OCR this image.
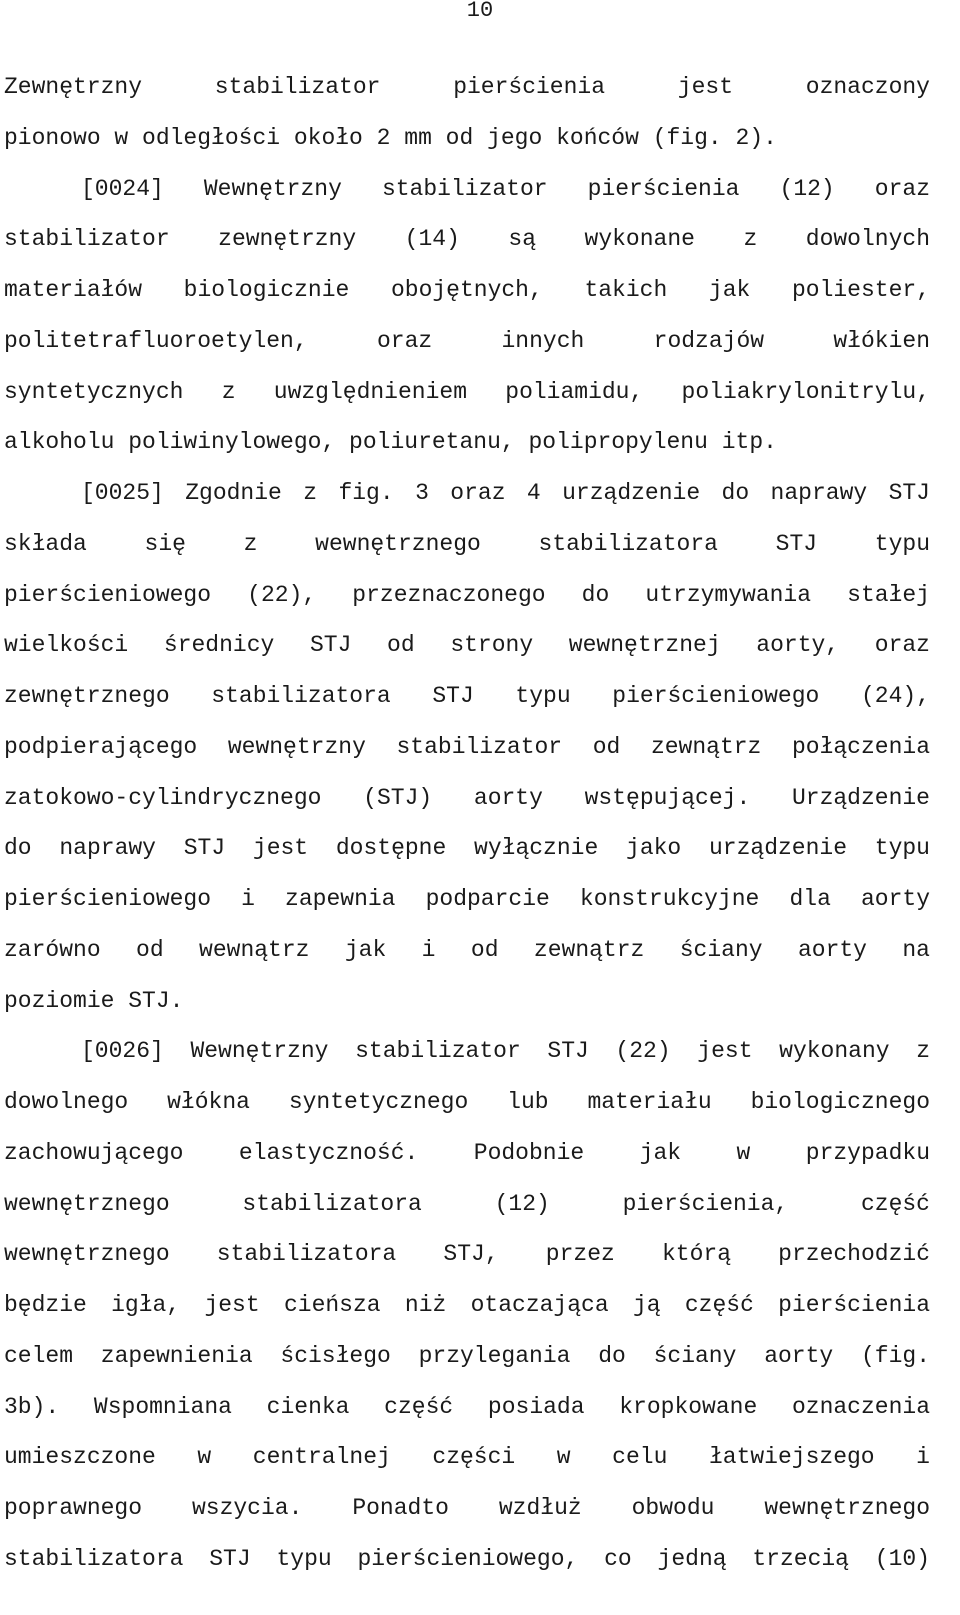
10
Zewnętrzny stabilizator pierścienia jest oznaczony
pionowo w odległości około 2 mm od jego końców (fig. 2).
[0024] Wewnętrzny stabilizator pierścienia (12) oraz
stabilizator zewnętrzny (14) są wykonane z dowolnych
materiałów biologicznie obojętnych, takich jak poliester,
politetrafluoroetylen, oraz innych rodzajów włókien
syntetycznych z uwzględnieniem poliamidu, poliakrylonitrylu,
alkoholu poliwinylowego, poliuretanu, polipropylenu itp.
[0025] Zgodnie z fig. 3 oraz 4 urządzenie do naprawy STJ
składa się z wewnętrznego stabilizatora STJ typu
pierścieniowego (22), przeznaczonego do utrzymywania stałej
wielkości średnicy STJ od strony wewnętrznej aorty, oraz
zewnętrznego stabilizatora STJ typu pierścieniowego (24),
podpierającego wewnętrzny stabilizator od zewnątrz połączenia
zatokowo-cylindrycznego (STJ) aorty wstępującej. Urządzenie
do naprawy STJ jest dostępne wyłącznie jako urządzenie typu
pierścieniowego i zapewnia podparcie konstrukcyjne dla aorty
zarówno od wewnątrz jak i od zewnątrz ściany aorty na
poziomie STJ.
[0026] Wewnętrzny stabilizator STJ (22) jest wykonany z
dowolnego włókna syntetycznego lub materiału biologicznego
zachowującego elastyczność. Podobnie jak w przypadku
wewnętrznego stabilizatora (12) pierścienia, część
wewnętrznego stabilizatora STJ, przez którą przechodzić
będzie igła, jest cieńsza niż otaczająca ją część pierścienia
celem zapewnienia ścisłego przylegania do ściany aorty (fig.
3b). Wspomniana cienka część posiada kropkowane oznaczenia
umieszczone w centralnej części w celu łatwiejszego i
poprawnego wszycia. Ponadto wzdłuż obwodu wewnętrznego
stabilizatora STJ typu pierścieniowego, co jedną trzecią (10)
